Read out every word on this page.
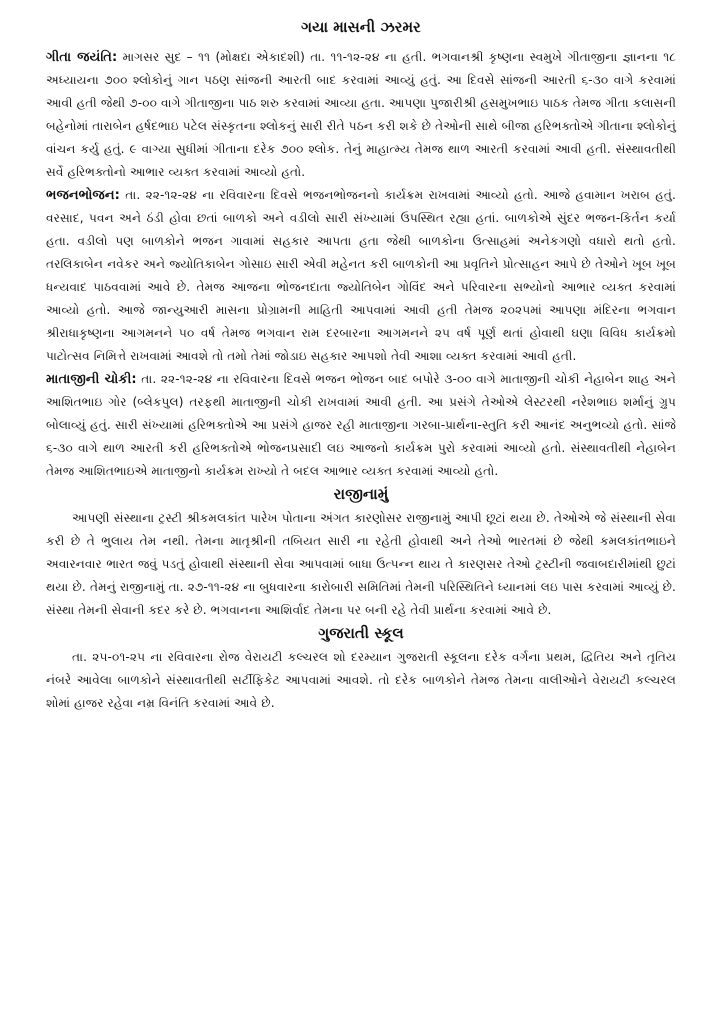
ગયા માસની ઝરમર

ગીતા જયંતિ: માગસર સુદ – ૧૧ (મોક્ષદા એકાદશી) તા. ૧૧-૧૨-૨૪ ના હતી. ભગવાનશ્રી કૃષ્ણના સ્વમુખે ગીતાજીના જ્ઞાનના ૧૮ અધ્યાયના ૭૦૦ શ્લોકોનું ગાન પઠણ સાંજની આરતી બાદ કરવામાં આવ્યું હતું. આ દિવસે સાંજની આરતી ૬-૩૦ વાગે કરવામાં આવી હતી જેથી ૭-૦૦ વાગે ગીતાજીના પાઠ શરુ કરવામાં આવ્યા હતા. આપણા પુજારીશ્રી હસમુખભાઇ પાઠક તેમજ ગીતા કલાસની બહેનોમાં તારાબેન હર્ષદભાઇ પટેલ સંસ્કૃતના શ્લોકનું સારી રીતે પઠન કરી શકે છે તેઓની સાથે બીજા હરિભક્તોએ ગીતાના શ્લોકોનું વાંચન કર્યુ હતું. ૯ વાગ્યા સુધીમાં ગીતાના દરેક ૭૦૦ શ્લોક. તેનું માહાત્મ્ય તેમજ થાળ આરતી કરવામાં આવી હતી. સંસ્થાવતીથી સર્વે હરિભક્તોનો આભાર વ્યક્ત કરવામાં આવ્યો હતો.

ભજનભોજન: તા. ૨૨-૧૨-૨૪ ના રવિવારના દિવસે ભજનભોજનનો કાર્યક્રમ રાખવામાં આવ્યો હતો. આજે હવામાન ખરાબ હતું. વરસાદ, પવન અને ઠંડી હોવા છતાં બાળકો અને વડીલો સારી સંખ્યામાં ઉપસ્થિત રહ્યા હતાં. બાળકોએ સુંદર ભજન-કિર્તન કર્યા હતા. વડીલો પણ બાળકોને ભજન ગાવામાં સહકાર આપતા હતા જેથી બાળકોના ઉત્સાહમાં અનેકગણો વધારો થતો હતો. તરલિકાબેન નવેકર અને જ્યોતિકાબેન ગોસાઇ સારી એવી મહેનત કરી બાળકોની આ પ્રવૃતિને પ્રોત્સાહન આપે છે તેઓને ખૂબ ખૂબ ધન્યવાદ પાઠવવામાં આવે છે. તેમજ આજના ભોજનદાતા જ્યોતિબેન ગોવિંદ અને પરિવારના સભ્યોનો આભાર વ્યક્ત કરવામાં આવ્યો હતો. આજે જાન્યુઆરી માસના પ્રોગ્રામની માહિતી આપવામાં આવી હતી તેમજ ૨૦૨૫માં આપણા મંદિરના ભગવાન શ્રીરાધાકૃષ્ણના આગમનને ૫૦ વર્ષ તેમજ ભગવાન રામ દરબારના આગમનને ૨૫ વર્ષ પૂર્ણ થતાં હોવાથી ઘણા વિવિધ કાર્યક્રમો પાટોત્સવ નિમિત્તે રાખવામાં આવશે તો તમો તેમાં જોડાઇ સહકાર આપશો તેવી આશા વ્યક્ત કરવામાં આવી હતી.

માતાજીની ચોકી: તા. ૨૨-૧૨-૨૪ ના રવિવારના દિવસે ભજન ભોજન બાદ બપોરે ૩-૦૦ વાગે માતાજીની ચોકી નેહાબેન શાહ અને આશિતભાઇ ગોર (બ્લેકપુલ) તરફથી માતાજીની ચોકી રાખવામાં આવી હતી. આ પ્રસંગે તેઓએ લેસ્ટરથી નરેશભાઇ શર્માનું ગ્રુપ બોલાવ્યું હતું. સારી સંખ્યામાં હરિભક્તોએ આ પ્રસંગે હાજર રહી માતાજીના ગરબા-પ્રાર્થના-સ્તુતિ કરી આનંદ અનુભવ્યો હતો. સાંજે ૬-૩૦ વાગે થાળ આરતી કરી હરિભક્તોએ ભોજનપ્રસાદી લઇ આજનો કાર્યક્રમ પુરો કરવામાં આવ્યો હતો. સંસ્થાવતીથી નેહાબેન તેમજ આશિતભાઇએ માતાજીનો કાર્યક્રમ રાખ્યો તે બદલ આભાર વ્યક્ત કરવામાં આવ્યો હતો.

રાજીનામું

આપણી સંસ્થાના ટ્રસ્ટી શ્રીકમલકાંત પારેખ પોતાના અંગત કારણોસર રાજીનામું આપી છૂટાં થયા છે. તેઓએ જે સંસ્થાની સેવા કરી છે તે ભુલાય તેમ નથી. તેમના માતૃશ્રીની તબિયત સારી ના રહેતી હોવાથી અને તેઓ ભારતમાં છે જેથી કમલકાંતભાઇને અવારનવાર ભારત જવું પડતું હોવાથી સંસ્થાની સેવા આપવામાં બાધા ઉત્પન્ન થાય તે કારણસર તેઓ ટ્રસ્ટીની જવાબદારીમાંથી છુટાં થયા છે. તેમનું રાજીનામું તા. ૨૭-૧૧-૨૪ ના બુધવારના કારોબારી સમિતિમાં તેમની પરિસ્થિતિને ધ્યાનમાં લઇ પાસ કરવામાં આવ્યું છે. સંસ્થા તેમની સેવાની કદર કરે છે. ભગવાનના આશિર્વાદ તેમના પર બની રહે તેવી પ્રાર્થના કરવામાં આવે છે.

ગુજરાતી સ્કૂલ

તા. ૨૫-૦૧-૨૫ ના રવિવારના રોજ વેરાયટી કલ્ચરલ શો દરમ્યાન ગુજરાતી સ્કૂલના દરેક વર્ગના પ્રથમ, દ્વિતિય અને તૃતિય નંબરે આવેલા બાળકોને સંસ્થાવતીથી સર્ટીફિકેટ આપવામાં આવશે. તો દરેક બાળકોને તેમજ તેમના વાલીઓને વેરાયટી કલ્ચરલ શોમાં હાજર રહેવા નમ્ર વિનંતિ કરવામાં આવે છે.
